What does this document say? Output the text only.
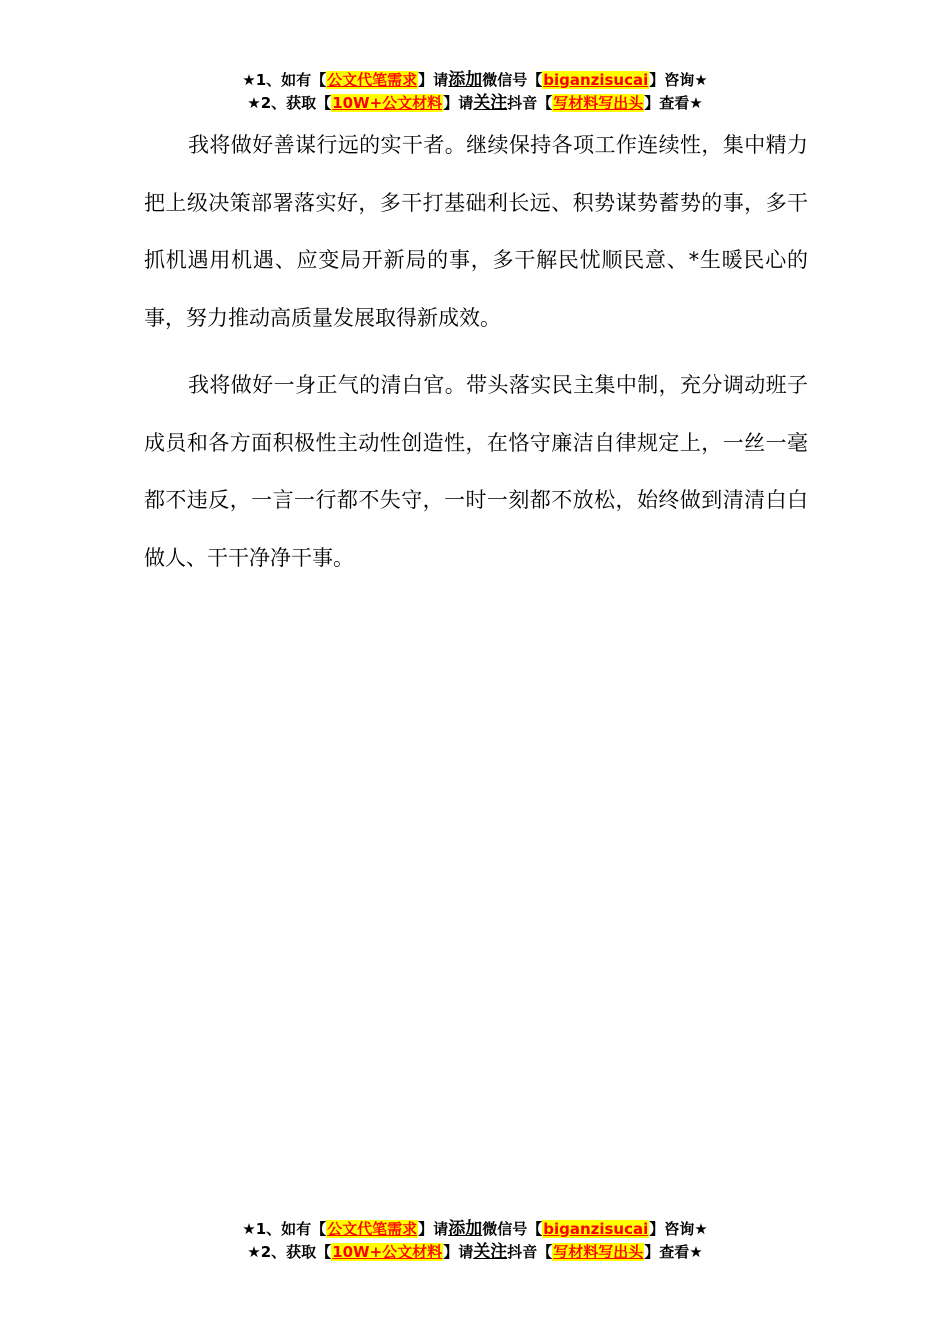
★1、如有【公文代笔需求】请添加微信号【biganzisucai】咨询★
★2、获取【10W+公文材料】请关注抖音【写材料写出头】查看★

我将做好善谋行远的实干者。继续保持各项工作连续性，集中精力把上级决策部署落实好，多干打基础利长远、积势谋势蓄势的事，多干抓机遇用机遇、应变局开新局的事，多干解民忧顺民意、*生暖民心的事，努力推动高质量发展取得新成效。

我将做好一身正气的清白官。带头落实民主集中制，充分调动班子成员和各方面积极性主动性创造性，在恪守廉洁自律规定上，一丝一毫都不违反，一言一行都不失守，一时一刻都不放松，始终做到清清白白做人、干干净净干事。

★1、如有【公文代笔需求】请添加微信号【biganzisucai】咨询★
★2、获取【10W+公文材料】请关注抖音【写材料写出头】查看★
